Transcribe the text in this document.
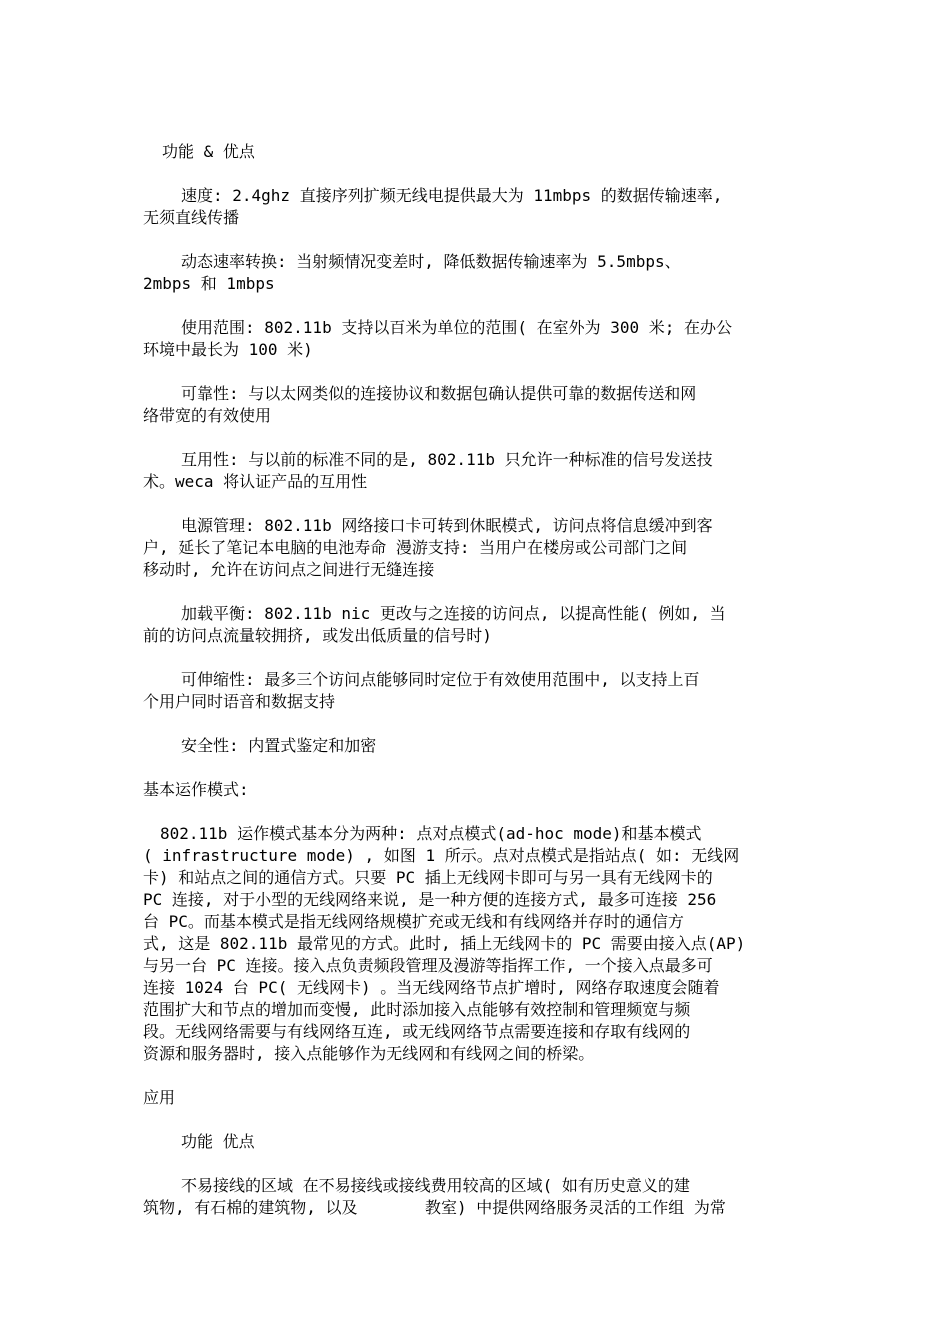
功能 & 优点

速度: 2.4ghz 直接序列扩频无线电提供最大为 11mbps 的数据传输速率,

无须直线传播

动态速率转换: 当射频情况变差时, 降低数据传输速率为 5.5mbps、

2mbps 和 1mbps

使用范围: 802.11b 支持以百米为单位的范围( 在室外为 300 米; 在办公

环境中最长为 100 米)

可靠性: 与以太网类似的连接协议和数据包确认提供可靠的数据传送和网

络带宽的有效使用

互用性: 与以前的标准不同的是, 802.11b 只允许一种标准的信号发送技

术。weca 将认证产品的互用性

电源管理: 802.11b 网络接口卡可转到休眠模式, 访问点将信息缓冲到客

户, 延长了笔记本电脑的电池寿命 漫游支持: 当用户在楼房或公司部门之间

移动时, 允许在访问点之间进行无缝连接

加载平衡: 802.11b nic 更改与之连接的访问点, 以提高性能( 例如, 当

前的访问点流量较拥挤, 或发出低质量的信号时)

可伸缩性: 最多三个访问点能够同时定位于有效使用范围中, 以支持上百

个用户同时语音和数据支持

安全性: 内置式鉴定和加密

基本运作模式:

802.11b 运作模式基本分为两种: 点对点模式(ad-hoc mode)和基本模式

( infrastructure mode) , 如图 1 所示。点对点模式是指站点( 如: 无线网

卡) 和站点之间的通信方式。只要 PC 插上无线网卡即可与另一具有无线网卡的

PC 连接, 对于小型的无线网络来说, 是一种方便的连接方式, 最多可连接 256

台 PC。而基本模式是指无线网络规模扩充或无线和有线网络并存时的通信方

式, 这是 802.11b 最常见的方式。此时, 插上无线网卡的 PC 需要由接入点(AP)

与另一台 PC 连接。接入点负责频段管理及漫游等指挥工作, 一个接入点最多可

连接 1024 台 PC( 无线网卡) 。当无线网络节点扩增时, 网络存取速度会随着

范围扩大和节点的增加而变慢, 此时添加接入点能够有效控制和管理频宽与频

段。无线网络需要与有线网络互连, 或无线网络节点需要连接和存取有线网的

资源和服务器时, 接入点能够作为无线网和有线网之间的桥梁。

应用

功能 优点

不易接线的区域 在不易接线或接线费用较高的区域( 如有历史意义的建

筑物, 有石棉的建筑物, 以及       教室) 中提供网络服务灵活的工作组 为常
